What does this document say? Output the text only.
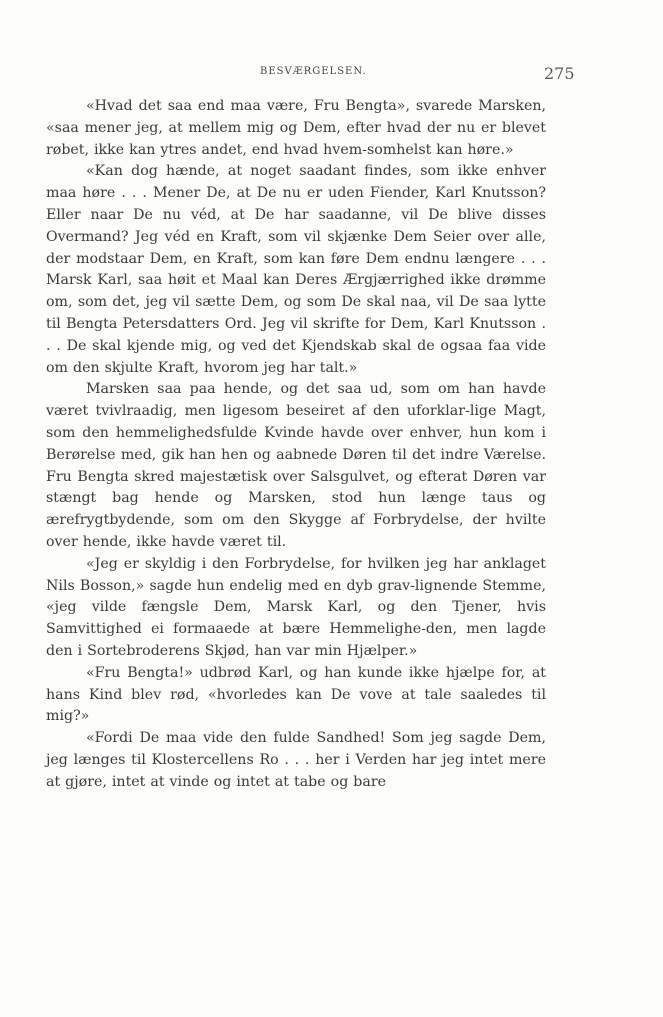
BESVÆRGELSEN.	275

«Hvad det saa end maa være, Fru Bengta», svarede Marsken, «saa mener jeg, at mellem mig og Dem, efter hvad der nu er blevet røbet, ikke kan ytres andet, end hvad hvem-somhelst kan høre.»

«Kan dog hænde, at noget saadant findes, som ikke enhver maa høre . . . Mener De, at De nu er uden Fiender, Karl Knutsson? Eller naar De nu véd, at De har saadanne, vil De blive disses Overmand? Jeg véd en Kraft, som vil skjænke Dem Seier over alle, der modstaar Dem, en Kraft, som kan føre Dem endnu længere . . . Marsk Karl, saa høit et Maal kan Deres Ærgjærrighed ikke drømme om, som det, jeg vil sætte Dem, og som De skal naa, vil De saa lytte til Bengta Petersdatters Ord. Jeg vil skrifte for Dem, Karl Knutsson . . . De skal kjende mig, og ved det Kjendskab skal de ogsaa faa vide om den skjulte Kraft, hvorom jeg har talt.»

Marsken saa paa hende, og det saa ud, som om han havde været tvivlraadig, men ligesom beseiret af den uforklar-lige Magt, som den hemmelighedsfulde Kvinde havde over enhver, hun kom i Berørelse med, gik han hen og aabnede Døren til det indre Værelse. Fru Bengta skred majestætisk over Salsgulvet, og efterat Døren var stængt bag hende og Marsken, stod hun længe taus og ærefrygtbydende, som om den Skygge af Forbrydelse, der hvilte over hende, ikke havde været til.

«Jeg er skyldig i den Forbrydelse, for hvilken jeg har anklaget Nils Bosson,» sagde hun endelig med en dyb grav-lignende Stemme, «jeg vilde fængsle Dem, Marsk Karl, og den Tjener, hvis Samvittighed ei formaaede at bære Hemmelighe-den, men lagde den i Sortebroderens Skjød, han var min Hjælper.»

«Fru Bengta!» udbrød Karl, og han kunde ikke hjælpe for, at hans Kind blev rød, «hvorledes kan De vove at tale saaledes til mig?»

«Fordi De maa vide den fulde Sandhed! Som jeg sagde Dem, jeg længes til Klostercellens Ro . . . her i Verden har jeg intet mere at gjøre, intet at vinde og intet at tabe og bare
